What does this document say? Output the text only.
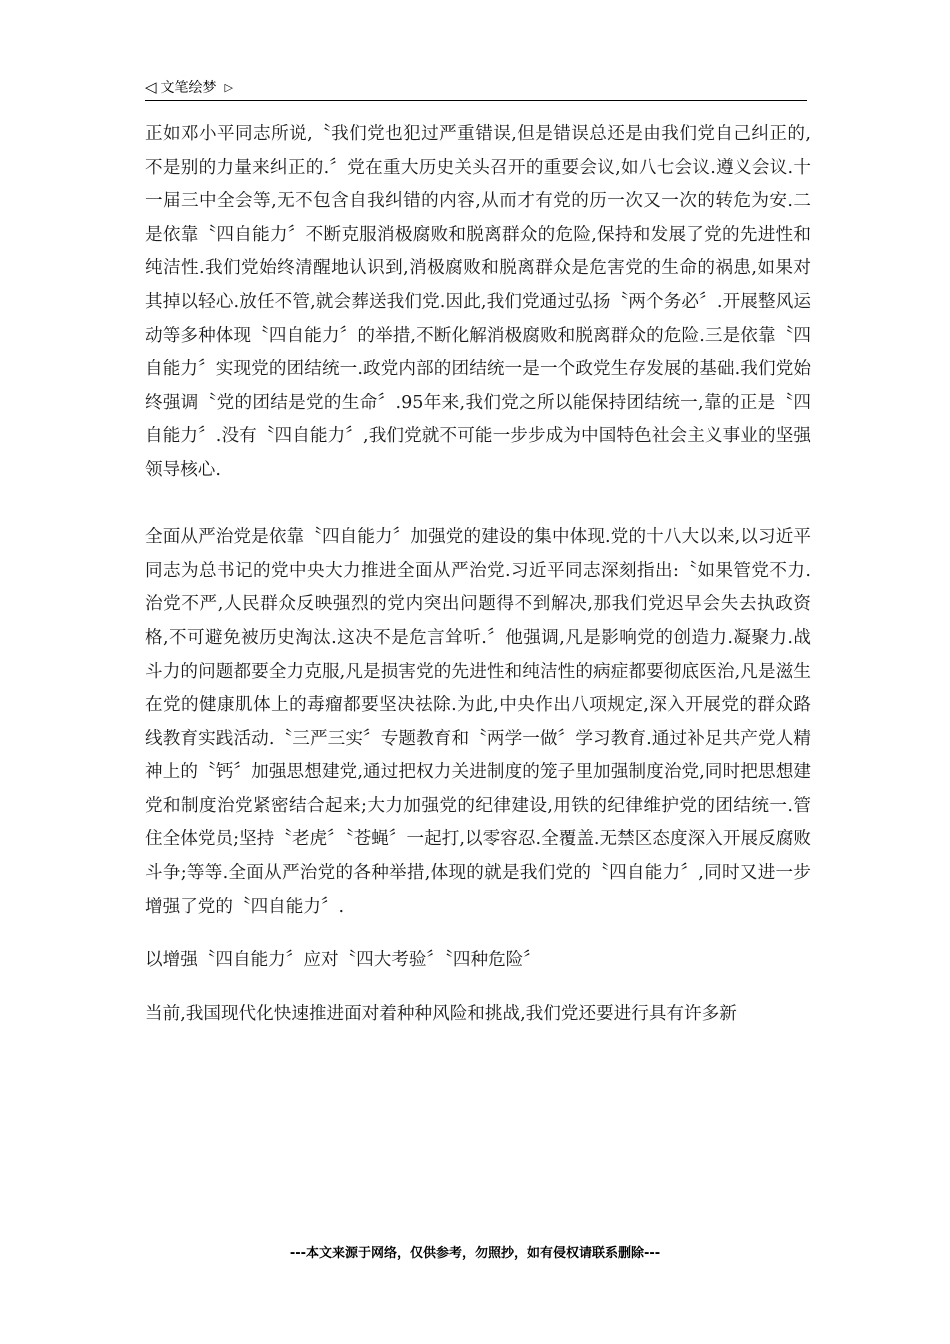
◁ 文笔绘梦 ▷

正如邓小平同志所说,〝我们党也犯过严重错误,但是错误总还是由我们党自己纠正的,不是别的力量来纠正的.〞党在重大历史关头召开的重要会议,如八七会议.遵义会议.十一届三中全会等,无不包含自我纠错的内容,从而才有党的历一次又一次的转危为安.二是依靠〝四自能力〞不断克服消极腐败和脱离群众的危险,保持和发展了党的先进性和纯洁性.我们党始终清醒地认识到,消极腐败和脱离群众是危害党的生命的祸患,如果对其掉以轻心.放任不管,就会葬送我们党.因此,我们党通过弘扬〝两个务必〞.开展整风运动等多种体现〝四自能力〞的举措,不断化解消极腐败和脱离群众的危险.三是依靠〝四自能力〞实现党的团结统一.政党内部的团结统一是一个政党生存发展的基础.我们党始终强调〝党的团结是党的生命〞.95年来,我们党之所以能保持团结统一,靠的正是〝四自能力〞.没有〝四自能力〞,我们党就不可能一步步成为中国特色社会主义事业的坚强领导核心.

全面从严治党是依靠〝四自能力〞加强党的建设的集中体现.党的十八大以来,以习近平同志为总书记的党中央大力推进全面从严治党.习近平同志深刻指出:〝如果管党不力.治党不严,人民群众反映强烈的党内突出问题得不到解决,那我们党迟早会失去执政资格,不可避免被历史淘汰.这决不是危言耸听.〞他强调,凡是影响党的创造力.凝聚力.战斗力的问题都要全力克服,凡是损害党的先进性和纯洁性的病症都要彻底医治,凡是滋生在党的健康肌体上的毒瘤都要坚决祛除.为此,中央作出八项规定,深入开展党的群众路线教育实践活动.〝三严三实〞专题教育和〝两学一做〞学习教育.通过补足共产党人精神上的〝钙〞加强思想建党,通过把权力关进制度的笼子里加强制度治党,同时把思想建党和制度治党紧密结合起来;大力加强党的纪律建设,用铁的纪律维护党的团结统一.管住全体党员;坚持〝老虎〞〝苍蝇〞一起打,以零容忍.全覆盖.无禁区态度深入开展反腐败斗争;等等.全面从严治党的各种举措,体现的就是我们党的〝四自能力〞,同时又进一步增强了党的〝四自能力〞.

以增强〝四自能力〞应对〝四大考验〞〝四种危险〞

当前,我国现代化快速推进面对着种种风险和挑战,我们党还要进行具有许多新

---本文来源于网络，仅供参考，勿照抄，如有侵权请联系删除---
